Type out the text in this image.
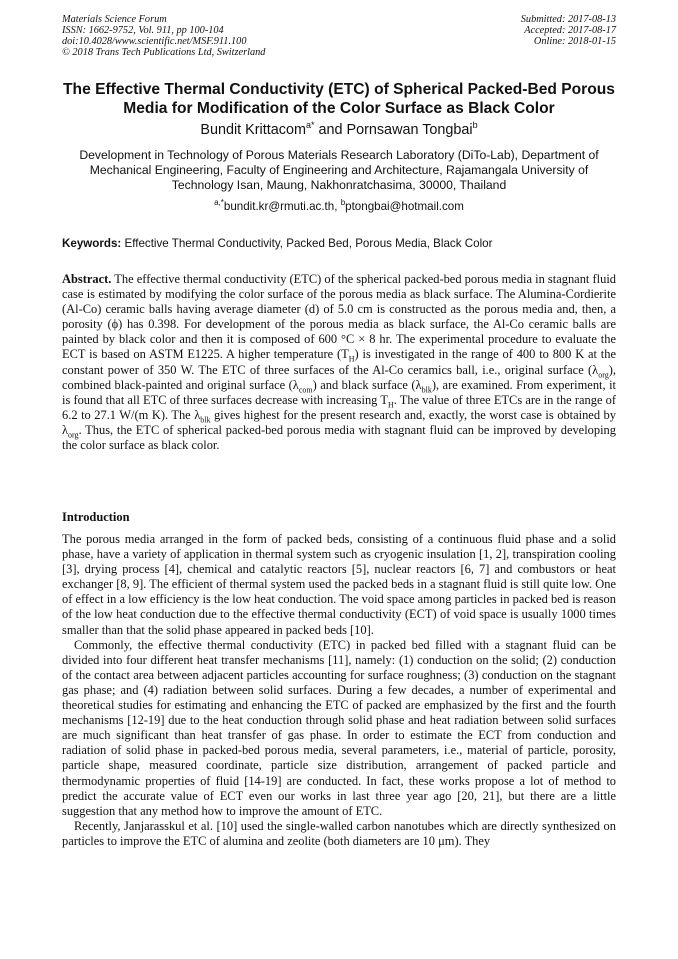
Materials Science Forum
ISSN: 1662-9752, Vol. 911, pp 100-104
doi:10.4028/www.scientific.net/MSF.911.100
© 2018 Trans Tech Publications Ltd, Switzerland
Submitted: 2017-08-13
Accepted: 2017-08-17
Online: 2018-01-15
The Effective Thermal Conductivity (ETC) of Spherical Packed-Bed Porous Media for Modification of the Color Surface as Black Color
Bundit Krittacom$^{a*}$ and Pornsawan Tongbai$^b$
Development in Technology of Porous Materials Research Laboratory (DiTo-Lab), Department of Mechanical Engineering, Faculty of Engineering and Architecture, Rajamangala University of Technology Isan, Maung, Nakhonratchasima, 30000, Thailand
$^{a,*}$bundit.kr@rmuti.ac.th, $^b$ptongbai@hotmail.com
Keywords: Effective Thermal Conductivity, Packed Bed, Porous Media, Black Color

Abstract. The effective thermal conductivity (ETC) of the spherical packed-bed porous media in stagnant fluid case is estimated by modifying the color surface of the porous media as black surface. The Alumina-Cordierite (Al-Co) ceramic balls having average diameter (d) of 5.0 cm is constructed as the porous media and, then, a porosity (ϕ) has 0.398. For development of the porous media as black surface, the Al-Co ceramic balls are painted by black color and then it is composed of 600 °C × 8 hr. The experimental procedure to evaluate the ECT is based on ASTM E1225. A higher temperature $(T_H)$ is investigated in the range of 400 to 800 K at the constant power of 350 W. The ETC of three surfaces of the Al-Co ceramics ball, i.e., original surface $(\lambda_{org})$, combined black-painted and original surface $(\lambda_{com})$ and black surface $(\lambda_{blk})$, are examined. From experiment, it is found that all ETC of three surfaces decrease with increasing $T_H$. The value of three ETCs are in the range of 6.2 to 27.1 W/(m K). The $\lambda_{blk}$ gives highest for the present research and, exactly, the worst case is obtained by $\lambda_{org}$. Thus, the ETC of spherical packed-bed porous media with stagnant fluid can be improved by developing the color surface as black color.

Introduction

The porous media arranged in the form of packed beds, consisting of a continuous fluid phase and a solid phase, have a variety of application in thermal system such as cryogenic insulation [1, 2], transpiration cooling [3], drying process [4], chemical and catalytic reactors [5], nuclear reactors [6, 7] and combustors or heat exchanger [8, 9]. The efficient of thermal system used the packed beds in a stagnant fluid is still quite low. One of effect in a low efficiency is the low heat conduction. The void space among particles in packed bed is reason of the low heat conduction due to the effective thermal conductivity (ECT) of void space is usually 1000 times smaller than that the solid phase appeared in packed beds [10].

Commonly, the effective thermal conductivity (ETC) in packed bed filled with a stagnant fluid can be divided into four different heat transfer mechanisms [11], namely: (1) conduction on the solid; (2) conduction of the contact area between adjacent particles accounting for surface roughness; (3) conduction on the stagnant gas phase; and (4) radiation between solid surfaces. During a few decades, a number of experimental and theoretical studies for estimating and enhancing the ETC of packed are emphasized by the first and the fourth mechanisms [12-19] due to the heat conduction through solid phase and heat radiation between solid surfaces are much significant than heat transfer of gas phase. In order to estimate the ECT from conduction and radiation of solid phase in packed-bed porous media, several parameters, i.e., material of particle, porosity, particle shape, measured coordinate, particle size distribution, arrangement of packed particle and thermodynamic properties of fluid [14-19] are conducted. In fact, these works propose a lot of method to predict the accurate value of ECT even our works in last three year ago [20, 21], but there are a little suggestion that any method how to improve the amount of ETC.

Recently, Janjarasskul et al. [10] used the single-walled carbon nanotubes which are directly synthesized on particles to improve the ETC of alumina and zeolite (both diameters are 10 μm). They
